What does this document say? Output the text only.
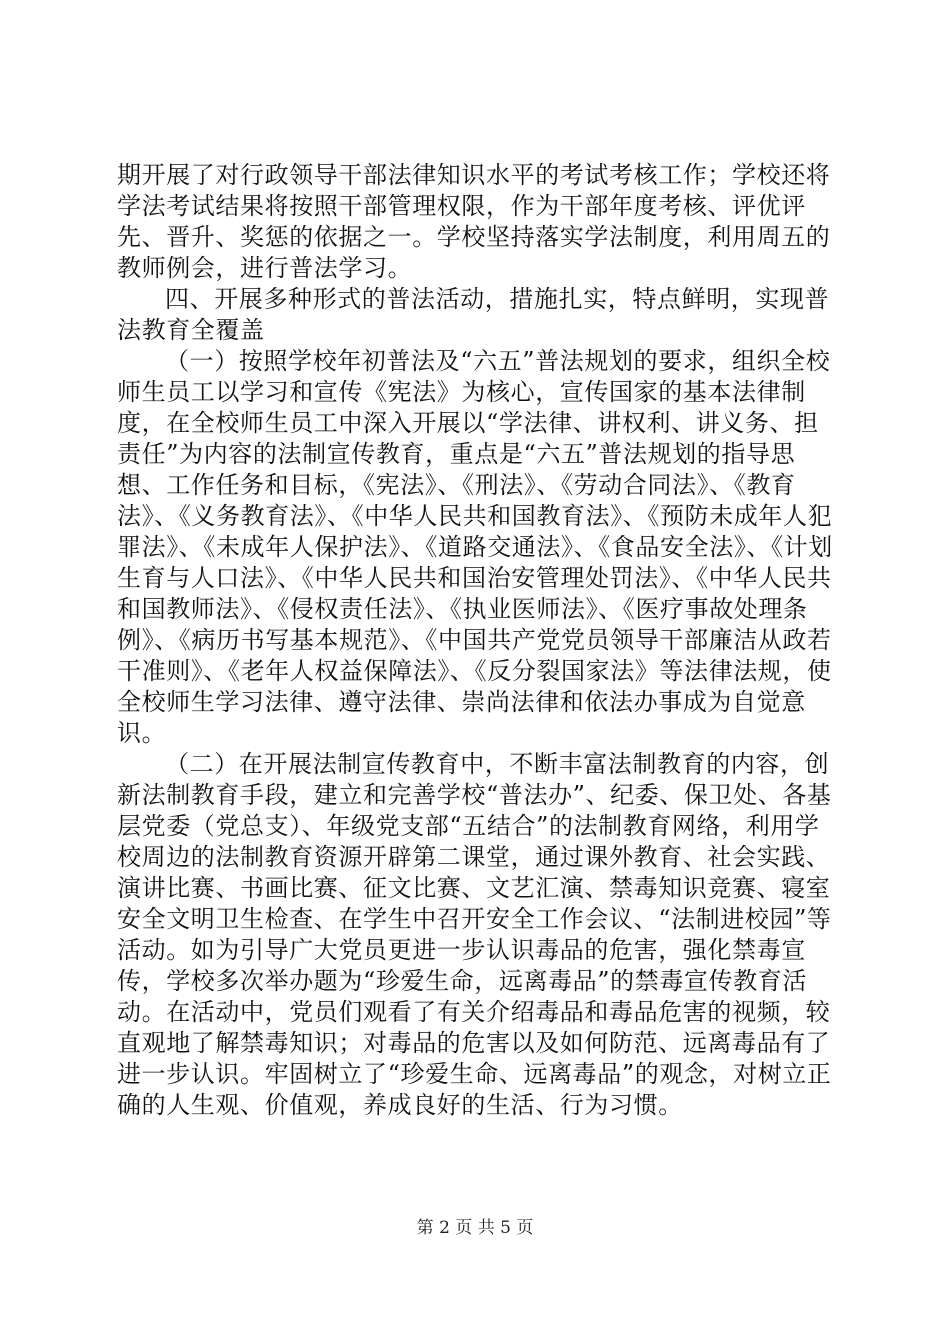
期开展了对行政领导干部法律知识水平的考试考核工作；学校还将学法考试结果将按照干部管理权限，作为干部年度考核、评优评先、晋升、奖惩的依据之一。学校坚持落实学法制度，利用周五的教师例会，进行普法学习。

四、开展多种形式的普法活动，措施扎实，特点鲜明，实现普法教育全覆盖

（一）按照学校年初普法及“六五”普法规划的要求，组织全校师生员工以学习和宣传《宪法》为核心，宣传国家的基本法律制度，在全校师生员工中深入开展以“学法律、讲权利、讲义务、担责任”为内容的法制宣传教育，重点是“六五”普法规划的指导思想、工作任务和目标，《宪法》、《刑法》、《劳动合同法》、《教育法》、《义务教育法》、《中华人民共和国教育法》、《预防未成年人犯罪法》、《未成年人保护法》、《道路交通法》、《食品安全法》、《计划生育与人口法》、《中华人民共和国治安管理处罚法》、《中华人民共和国教师法》、《侵权责任法》、《执业医师法》、《医疗事故处理条例》、《病历书写基本规范》、《中国共产党党员领导干部廉洁从政若干准则》、《老年人权益保障法》、《反分裂国家法》等法律法规，使全校师生学习法律、遵守法律、崇尚法律和依法办事成为自觉意识。

（二）在开展法制宣传教育中，不断丰富法制教育的内容，创新法制教育手段，建立和完善学校“普法办”、纪委、保卫处、各基层党委（党总支）、年级党支部“五结合”的法制教育网络，利用学校周边的法制教育资源开辟第二课堂，通过课外教育、社会实践、演讲比赛、书画比赛、征文比赛、文艺汇演、禁毒知识竞赛、寝室安全文明卫生检查、在学生中召开安全工作会议、“法制进校园”等活动。如为引导广大党员更进一步认识毒品的危害，强化禁毒宣传，学校多次举办题为“珍爱生命，远离毒品”的禁毒宣传教育活动。在活动中，党员们观看了有关介绍毒品和毒品危害的视频，较直观地了解禁毒知识；对毒品的危害以及如何防范、远离毒品有了进一步认识。牢固树立了“珍爱生命、远离毒品”的观念，对树立正确的人生观、价值观，养成良好的生活、行为习惯。

第 2 页 共 5 页
